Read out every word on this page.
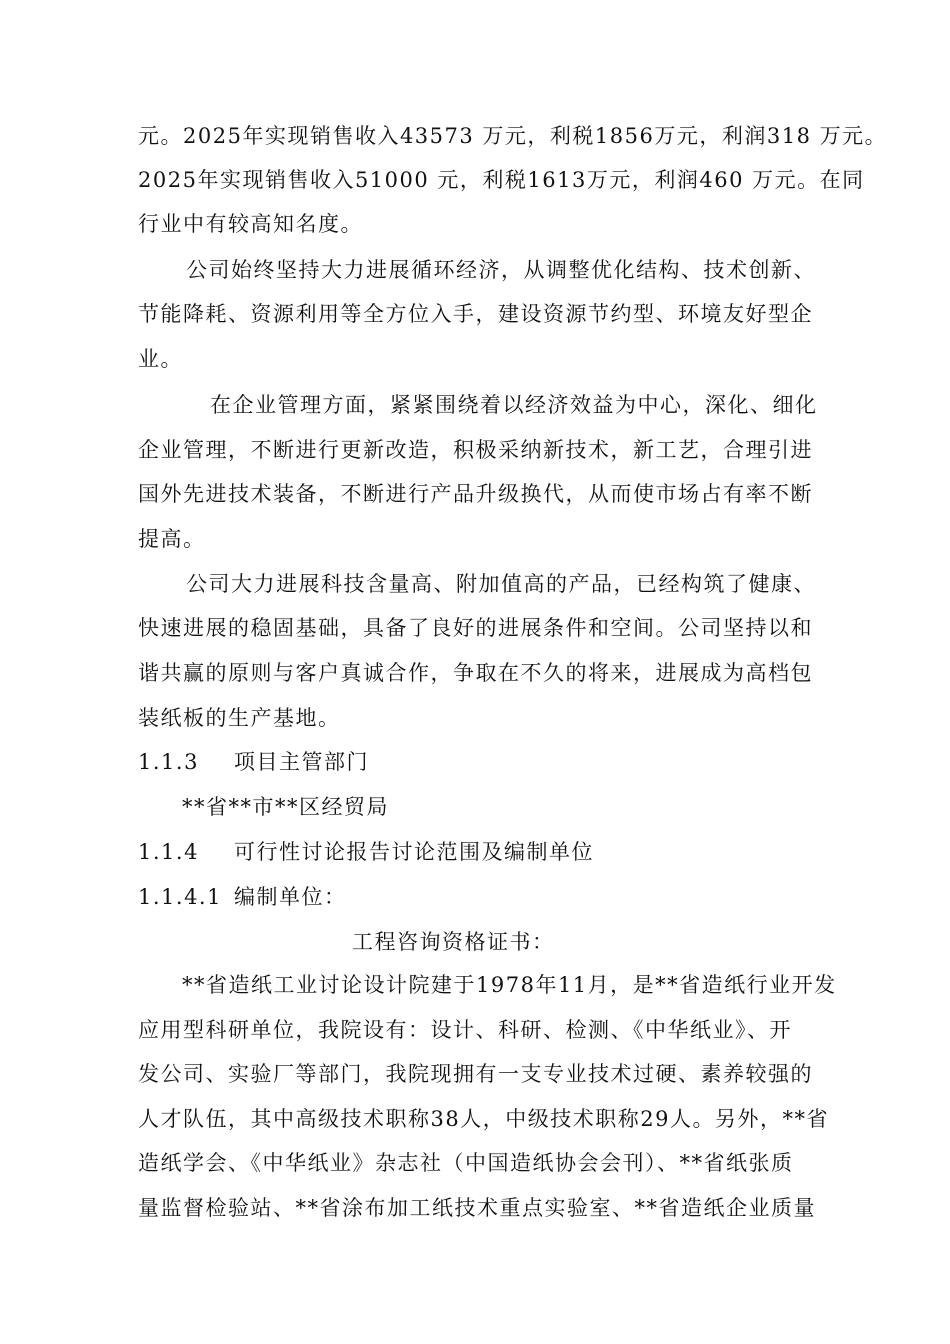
元。2025年实现销售收入43573 万元，利税1856万元，利润318 万元。
2025年实现销售收入51000 元，利税1613万元，利润460 万元。在同
行业中有较高知名度。
公司始终坚持大力进展循环经济，从调整优化结构、技术创新、
节能降耗、资源利用等全方位入手，建设资源节约型、环境友好型企
业。
在企业管理方面，紧紧围绕着以经济效益为中心，深化、细化
企业管理，不断进行更新改造，积极采纳新技术，新工艺，合理引进
国外先进技术装备，不断进行产品升级换代，从而使市场占有率不断
提高。
公司大力进展科技含量高、附加值高的产品，已经构筑了健康、
快速进展的稳固基础，具备了良好的进展条件和空间。公司坚持以和
谐共赢的原则与客户真诚合作，争取在不久的将来，进展成为高档包
装纸板的生产基地。
1.1.3 项目主管部门
**省**市**区经贸局
1.1.4 可行性讨论报告讨论范围及编制单位
1.1.4.1 编制单位：
工程咨询资格证书：
**省造纸工业讨论设计院建于1978年11月，是**省造纸行业开发
应用型科研单位，我院设有：设计、科研、检测、《中华纸业》、开
发公司、实验厂等部门，我院现拥有一支专业技术过硬、素养较强的
人才队伍，其中高级技术职称38人，中级技术职称29人。另外，**省
造纸学会、《中华纸业》杂志社（中国造纸协会会刊）、**省纸张质
量监督检验站、**省涂布加工纸技术重点实验室、**省造纸企业质量
